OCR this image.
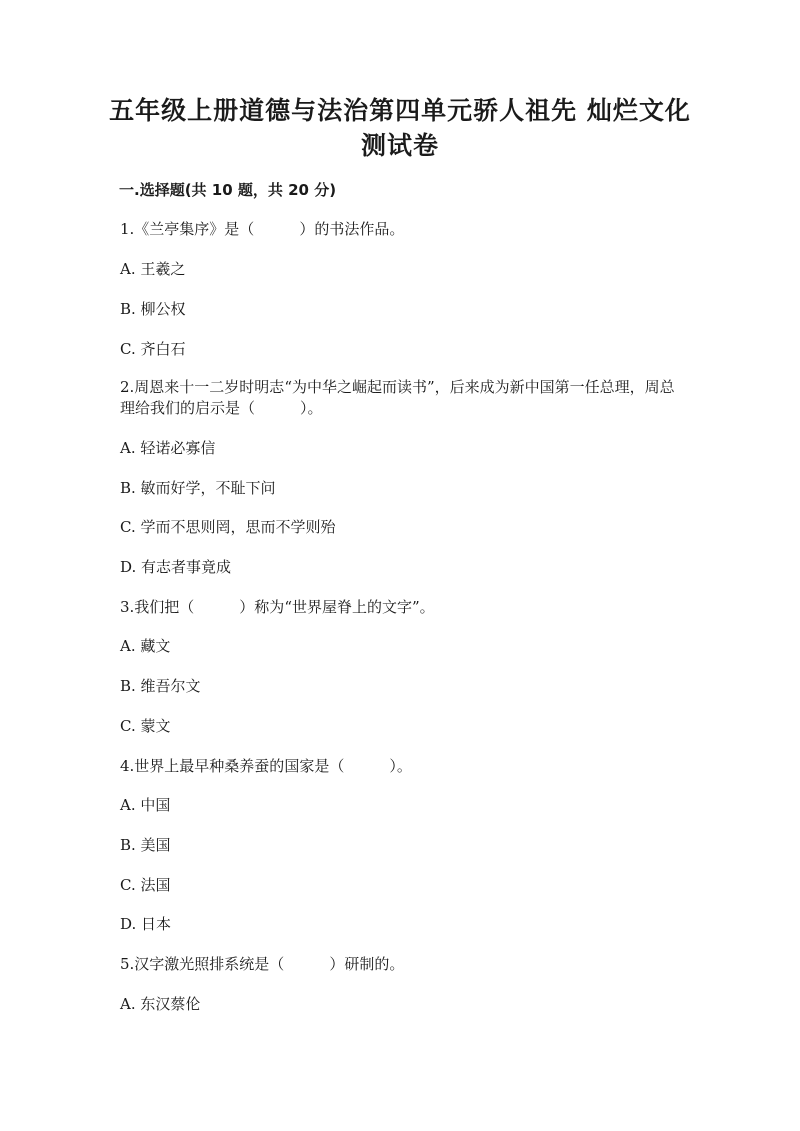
五年级上册道德与法治第四单元骄人祖先 灿烂文化
测试卷
一.选择题(共 10 题，共 20 分)
1.《兰亭集序》是（　　　）的书法作品。
A. 王羲之
B. 柳公权
C. 齐白石
2.周恩来十一二岁时明志“为中华之崛起而读书”，后来成为新中国第一任总理，周总理给我们的启示是（　　　）。
A. 轻诺必寡信
B. 敏而好学，不耻下问
C. 学而不思则罔，思而不学则殆
D. 有志者事竟成
3.我们把（　　　）称为“世界屋脊上的文字”。
A. 藏文
B. 维吾尔文
C. 蒙文
4.世界上最早种桑养蚕的国家是（　　　）。
A. 中国
B. 美国
C. 法国
D. 日本
5.汉字激光照排系统是（　　　）研制的。
A. 东汉蔡伦
